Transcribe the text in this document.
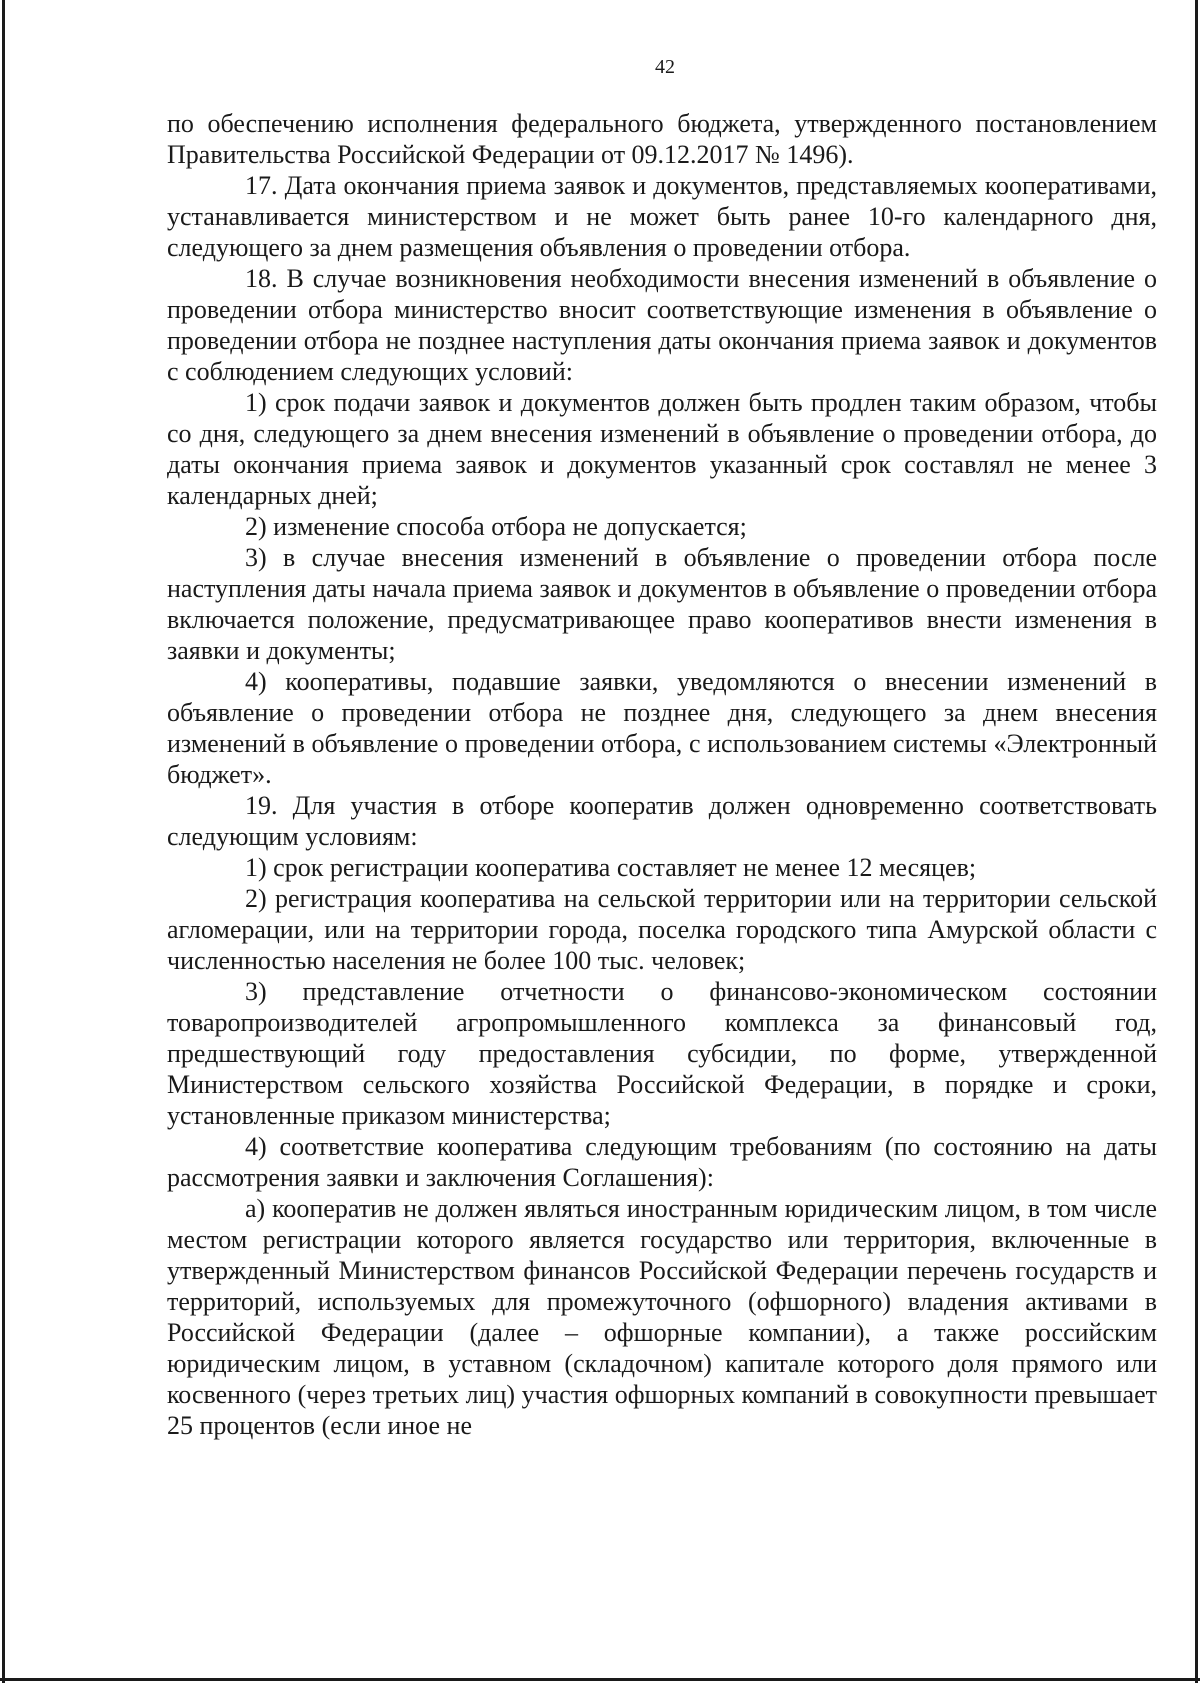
42

по обеспечению исполнения федерального бюджета, утвержденного постановлением Правительства Российской Федерации от 09.12.2017 № 1496).

17. Дата окончания приема заявок и документов, представляемых кооперативами, устанавливается министерством и не может быть ранее 10-го календарного дня, следующего за днем размещения объявления о проведении отбора.

18. В случае возникновения необходимости внесения изменений в объявление о проведении отбора министерство вносит соответствующие изменения в объявление о проведении отбора не позднее наступления даты окончания приема заявок и документов с соблюдением следующих условий:

1) срок подачи заявок и документов должен быть продлен таким образом, чтобы со дня, следующего за днем внесения изменений в объявление о проведении отбора, до даты окончания приема заявок и документов указанный срок составлял не менее 3 календарных дней;

2) изменение способа отбора не допускается;

3) в случае внесения изменений в объявление о проведении отбора после наступления даты начала приема заявок и документов в объявление о проведении отбора включается положение, предусматривающее право кооперативов внести изменения в заявки и документы;

4) кооперативы, подавшие заявки, уведомляются о внесении изменений в объявление о проведении отбора не позднее дня, следующего за днем внесения изменений в объявление о проведении отбора, с использованием системы «Электронный бюджет».

19. Для участия в отборе кооператив должен одновременно соответствовать следующим условиям:

1) срок регистрации кооператива составляет не менее 12 месяцев;

2) регистрация кооператива на сельской территории или на территории сельской агломерации, или на территории города, поселка городского типа Амурской области с численностью населения не более 100 тыс. человек;

3) представление отчетности о финансово-экономическом состоянии товаропроизводителей агропромышленного комплекса за финансовый год, предшествующий году предоставления субсидии, по форме, утвержденной Министерством сельского хозяйства Российской Федерации, в порядке и сроки, установленные приказом министерства;

4) соответствие кооператива следующим требованиям (по состоянию на даты рассмотрения заявки и заключения Соглашения):

а) кооператив не должен являться иностранным юридическим лицом, в том числе местом регистрации которого является государство или территория, включенные в утвержденный Министерством финансов Российской Федерации перечень государств и территорий, используемых для промежуточного (офшорного) владения активами в Российской Федерации (далее – офшорные компании), а также российским юридическим лицом, в уставном (складочном) капитале которого доля прямого или косвенного (через третьих лиц) участия офшорных компаний в совокупности превышает 25 процентов (если иное не
